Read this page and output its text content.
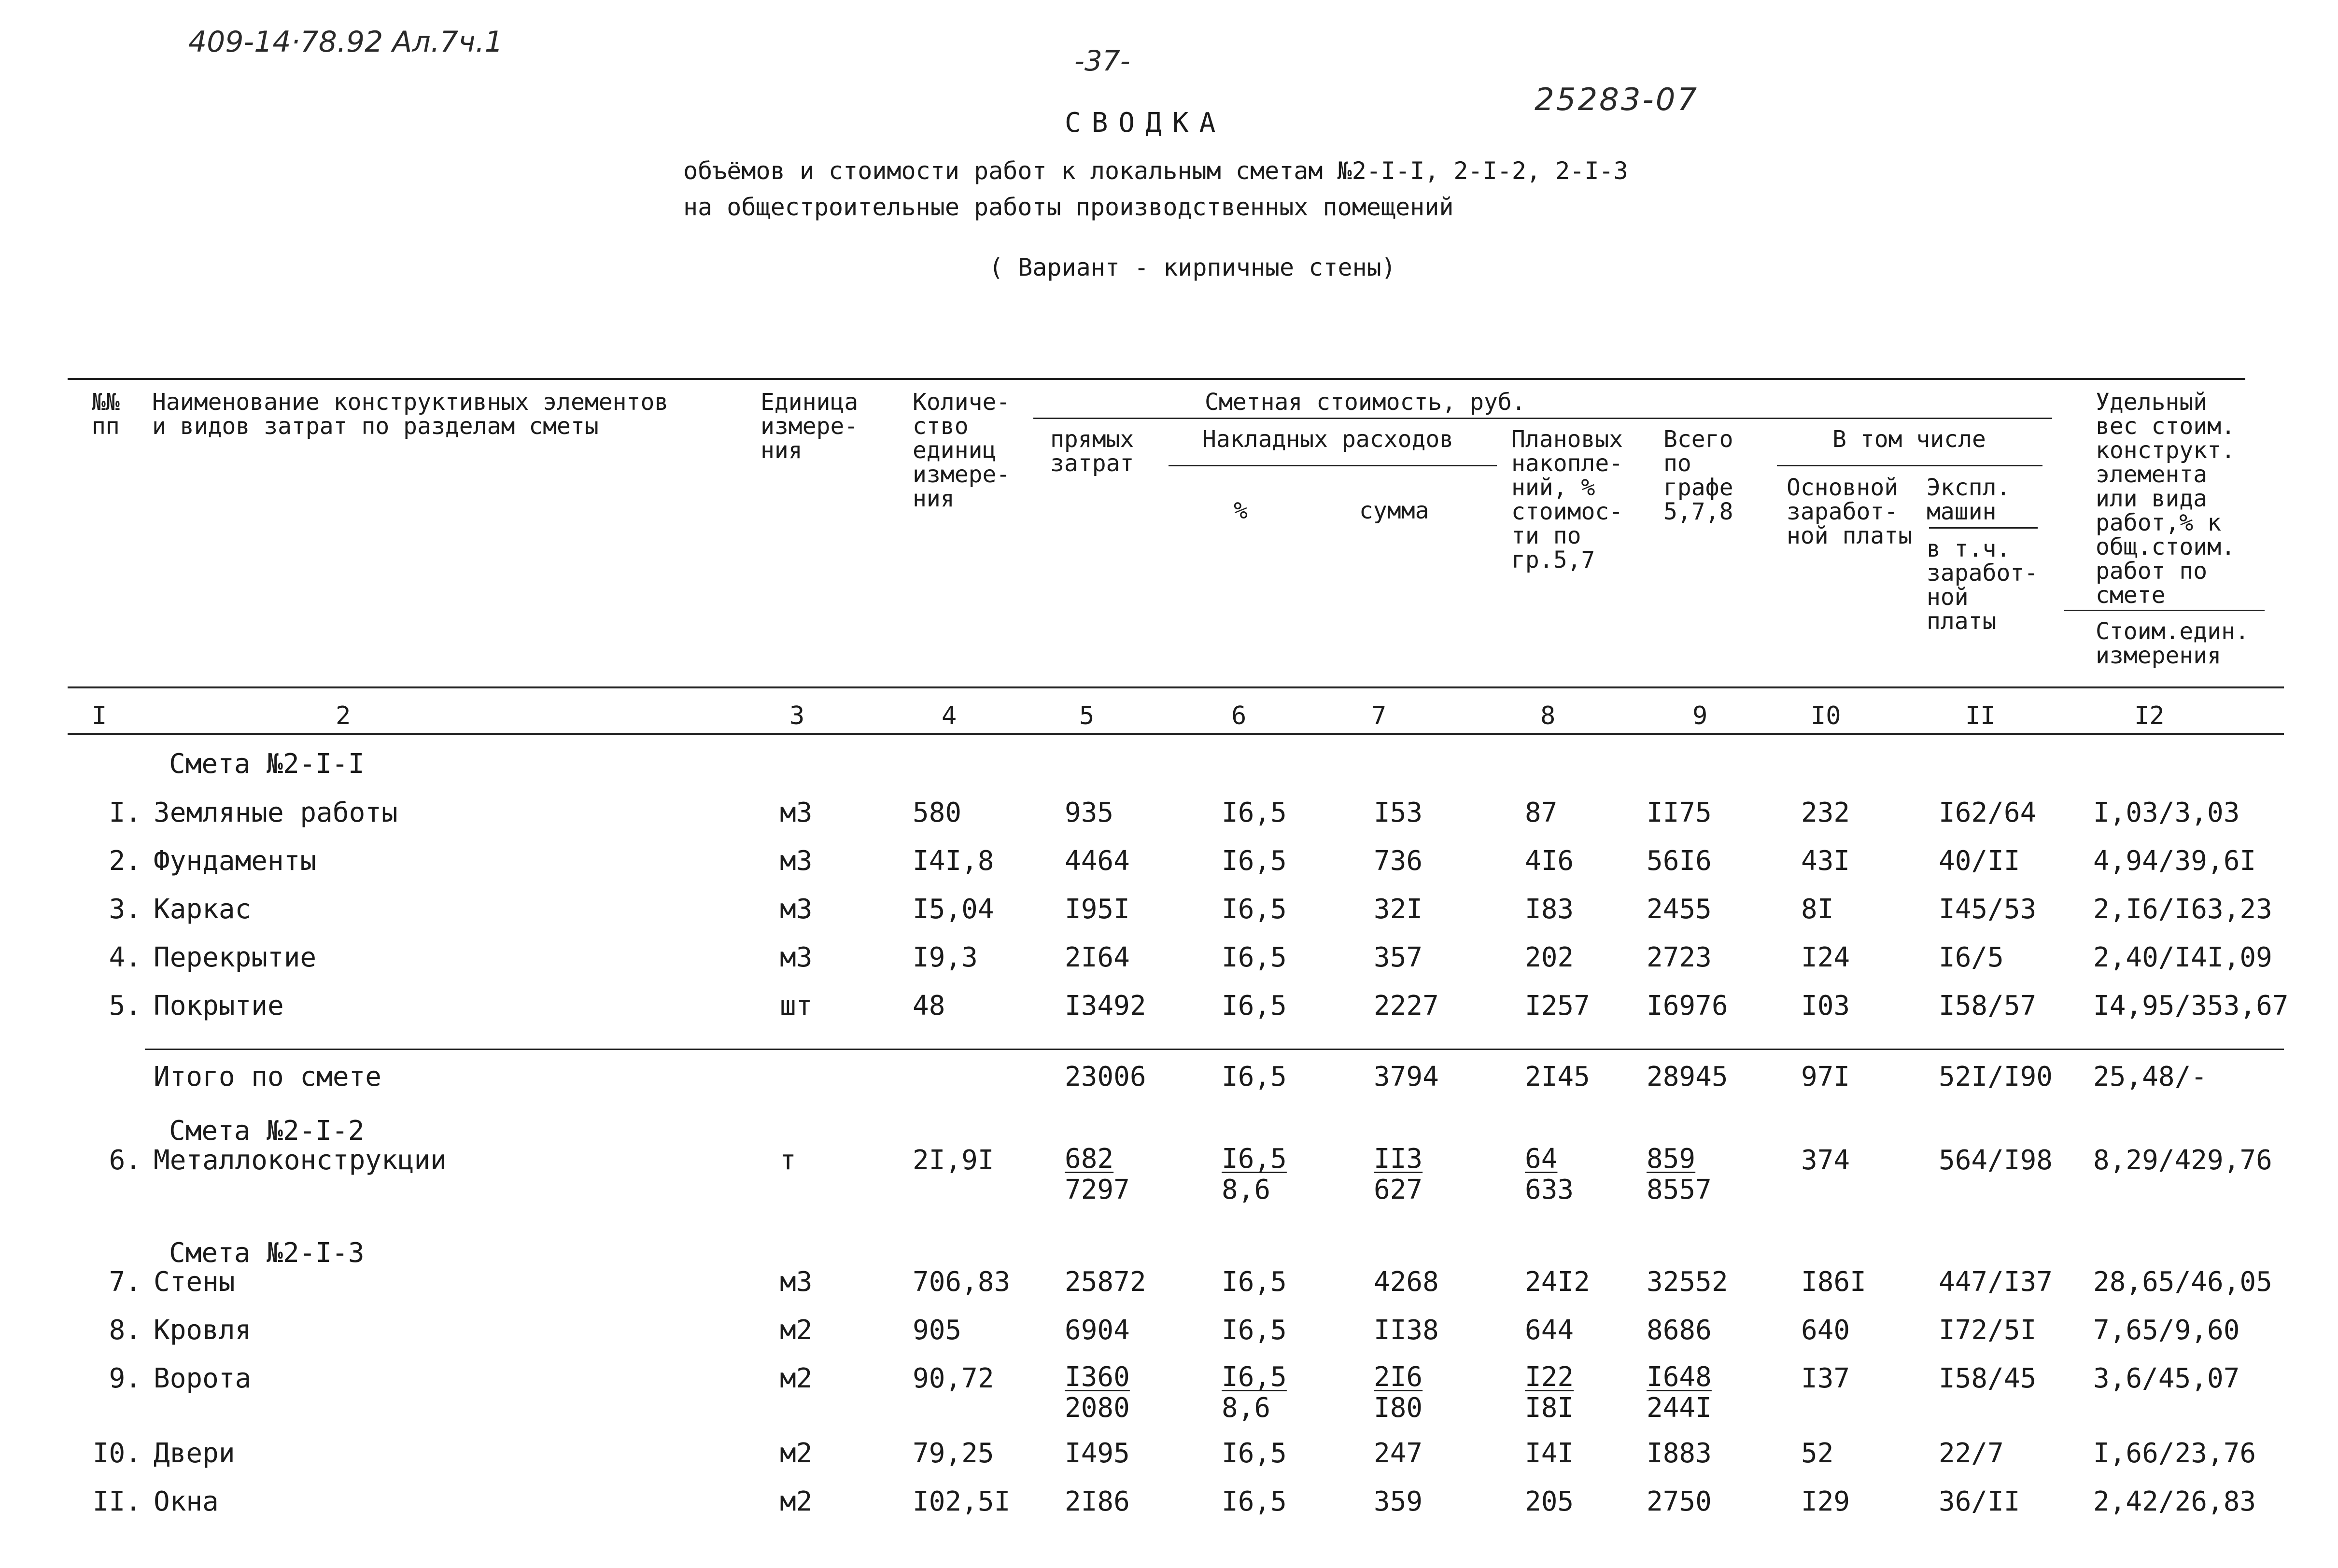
409-14·78.92 Ал.7ч.1
-37-
25283-07
СВОДКА
объёмов и стоимости работ к локальным сметам №2-I-I, 2-I-2, 2-I-3
на общестроительные работы производственных помещений
( Вариант - кирпичные стены)
№№
пп
Наименование конструктивных элементов
и видов затрат по разделам сметы
Единица
измере-
ния
Количе-
ство
единиц
измере-
ния
Сметная стоимость, руб.
прямых
затрат
Накладных расходов
%	сумма
Плановых
накопле-
ний, %
стоимос-
ти по
гр.5,7
Всего
по
графе
5,7,8
В том числе
Основной
заработ-
ной платы
Экспл.
машин
в т.ч.
заработ-
ной
платы
Удельный
вес стоим.
конструкт.
элемента
или вида
работ,% к
общ.стоим.
работ по
смете
Стоим.един.
измерения
I	2	3	4	5	6	7	8	9	I0	II	I2
Смета №2-I-I
Смета №2-I-2
Смета №2-I-3
I. Земляные работы	м3	580	935	I6,5	I53	87	II75	232	I62/64 I,03/3,03
2. Фундаменты	м3	I4I,8	4464	I6,5	736	4I6	56I6	43I	40/II	4,94/39,6I
3. Каркас	м3	I5,04	I95I	I6,5	32I	I83	2455	8I	I45/53 2,I6/I63,23
4. Перекрытие	м3	I9,3	2I64	I6,5	357	202	2723	I24	I6/5	2,40/I4I,09
5. Покрытие	шт	48	I3492	I6,5	2227	I257 I6976	I03	I58/57 I4,95/353,67
Итого по смете	23006	I6,5	3794	2I45 28945	97I	52I/I90 25,48/-
6. Металлоконструкции	т	2I,9I	$\frac{682}{7297}$	$\frac{I6,5}{8,6}$	$\frac{II3}{627}$	$\frac{64}{633}$	$\frac{859}{8557}$	374	564/I98 8,29/429,76
7. Стены	м3	706,83 25872	I6,5	4268	24I2 32552	I86I	447/I37 28,65/46,05
8. Кровля	м2	905	6904	I6,5	II38	644	8686	640	I72/5I 7,65/9,60
9. Ворота	м2	90,72	$\frac{I360}{2080}$	$\frac{I6,5}{8,6}$	$\frac{2I6}{I80}$	$\frac{I22}{I8I}$	$\frac{I648}{244I}$	I37	I58/45 3,6/45,07
I0. Двери	м2	79,25	I495	I6,5	247	I4I	I883	52	22/7	I,66/23,76
II. Окна	м2	I02,5I 2I86	I6,5	359	205	2750	I29	36/II	2,42/26,83
